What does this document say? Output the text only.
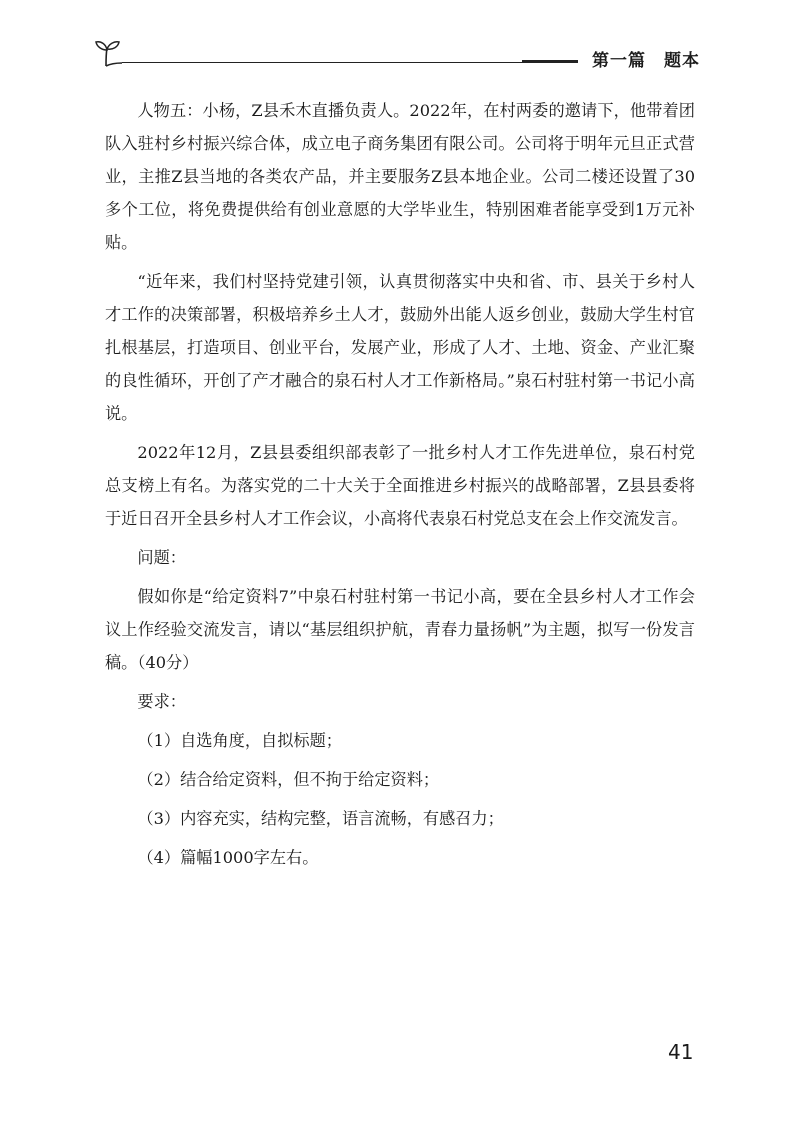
第一篇　题本

人物五：小杨，Z县禾木直播负责人。2022年，在村两委的邀请下，他带着团队入驻村乡村振兴综合体，成立电子商务集团有限公司。公司将于明年元旦正式营业，主推Z县当地的各类农产品，并主要服务Z县本地企业。公司二楼还设置了30多个工位，将免费提供给有创业意愿的大学毕业生，特别困难者能享受到1万元补贴。

“近年来，我们村坚持党建引领，认真贯彻落实中央和省、市、县关于乡村人才工作的决策部署，积极培养乡土人才，鼓励外出能人返乡创业，鼓励大学生村官扎根基层，打造项目、创业平台，发展产业，形成了人才、土地、资金、产业汇聚的良性循环，开创了产才融合的泉石村人才工作新格局。”泉石村驻村第一书记小高说。

2022年12月，Z县县委组织部表彰了一批乡村人才工作先进单位，泉石村党总支榜上有名。为落实党的二十大关于全面推进乡村振兴的战略部署，Z县县委将于近日召开全县乡村人才工作会议，小高将代表泉石村党总支在会上作交流发言。

问题：

假如你是“给定资料7”中泉石村驻村第一书记小高，要在全县乡村人才工作会议上作经验交流发言，请以“基层组织护航，青春力量扬帆”为主题，拟写一份发言稿。（40分）

要求：

（1）自选角度，自拟标题；

（2）结合给定资料，但不拘于给定资料；

（3）内容充实，结构完整，语言流畅，有感召力；

（4）篇幅1000字左右。

41
